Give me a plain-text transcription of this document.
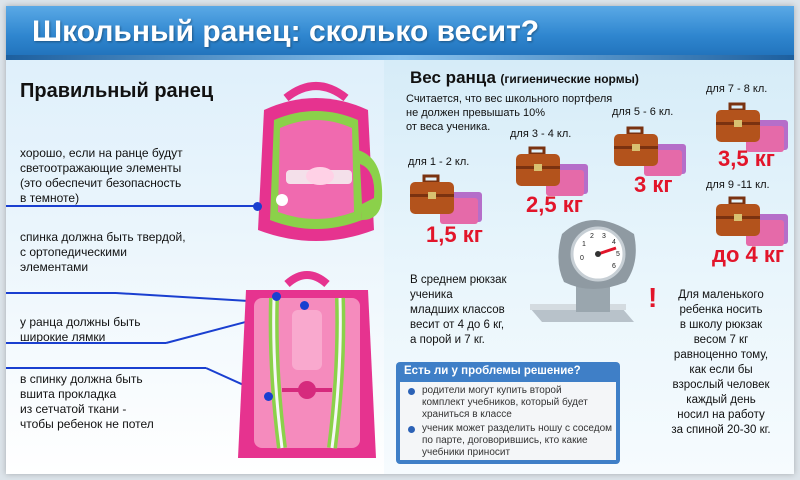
Школьный ранец: сколько весит?
Правильный ранец
хорошо, если на ранце будут
светоотражающие элементы
(это обеспечит безопасность
в темноте)
спинка должна быть твердой,
с ортопедическими
элементами
у ранца должны быть
широкие лямки
в спинку должна быть
вшита прокладка
из сетчатой ткани -
чтобы ребенок не потел
Вес ранца (гигиенические нормы)
Считается, что вес школьного портфеля
не должен превышать 10%
от веса ученика.
для 1 - 2 кл.
для 3 - 4 кл.
для 5 - 6 кл.
для 7 - 8 кл.
для 9 -11 кл.
1,5 кг
2,5 кг
3 кг
3,5 кг
до 4 кг
0
1
2 3
4
5
6
В среднем рюкзак
ученика
младших классов
весит от 4 до 6 кг,
а порой и 7 кг.
!	Для маленького
ребенка носить
в школу рюкзак
весом 7 кг
равноценно тому,
как если бы
взрослый человек
каждый день
носил на работу
за спиной 20-30 кг.
Есть ли у проблемы решение?
родители могут купить второй
комплект учебников, который будет
храниться в классе
ученик может разделить ношу с соседом
по парте, договорившись, кто какие
учебники приносит
